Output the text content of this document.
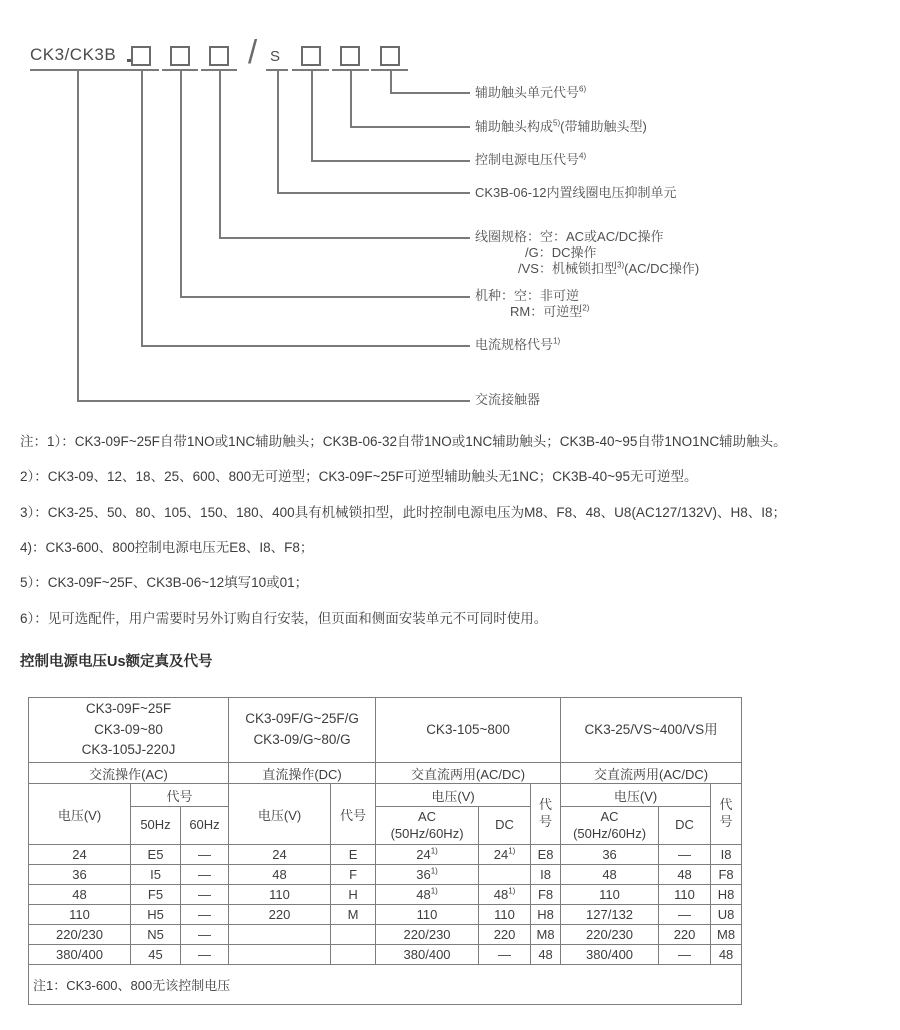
CK3/CK3B	/ S
辅助触头单元代号$^{6)}$
辅助触头构成$^{5)}$(带辅助触头型)
控制电源电压代号$^{4)}$
CK3B-06-12内置线圈电压抑制单元
线圈规格：空：AC或AC/DC操作
/G：DC操作
/VS：机械锁扣型$^{3)}$(AC/DC操作)
机种：空：非可逆
RM：可逆型$^{2)}$
电流规格代号$^{1)}$
交流接触器
注：1）：CK3-09F~25F自带1NO或1NC辅助触头；CK3B-06-32自带1NO或1NC辅助触头；CK3B-40~95自带1NO1NC辅助触头。
2）：CK3-09、12、18、25、600、800无可逆型；CK3-09F~25F可逆型辅助触头无1NC；CK3B-40~95无可逆型。
3）：CK3-25、50、80、105、150、180、400具有机械锁扣型，此时控制电源电压为M8、F8、48、U8(AC127/132V)、H8、I8；
4)：CK3-600、800控制电源电压无E8、I8、F8；
5）：CK3-09F~25F、CK3B-06~12填写10或01；
6）：见可选配件，用户需要时另外订购自行安装，但页面和侧面安装单元不可同时使用。
控制电源电压Us额定真及代号
CK3-09F~25F
CK3-09~80
CK3-105J-220J

CK3-09F/G~25F/G
CK3-09/G~80/G
	CK3-105~800	CK3-25/VS~400/VS用
交流操作(AC)			直流操作(DC)		交直流两用(AC/DC)			交直流两用(AC/DC)		
电压(V)	代号		电压(V)	代号	电压(V)		代号	电压(V)		代号
50Hz	60Hz	
AC
(50Hz/60Hz)
	DC	
AC
(50Hz/60Hz)
	DC
24	E5	—	24	E	24$^{1)}$	24$^{1)}$	E8	36	—	I8
36	I5	—	48	F	36$^{1)}$		I8	48	48	F8
48	F5	—	110	H	48$^{1)}$	48$^{1)}$	F8	110	110	H8
110	H5	—	220	M	110	110	H8	127/132	—	U8
220/230	N5	—			220/230	220	M8	220/230	220	M8
380/400	45	—			380/400	—	48	380/400	—	48
注1：CK3-600、800无该控制电压										
